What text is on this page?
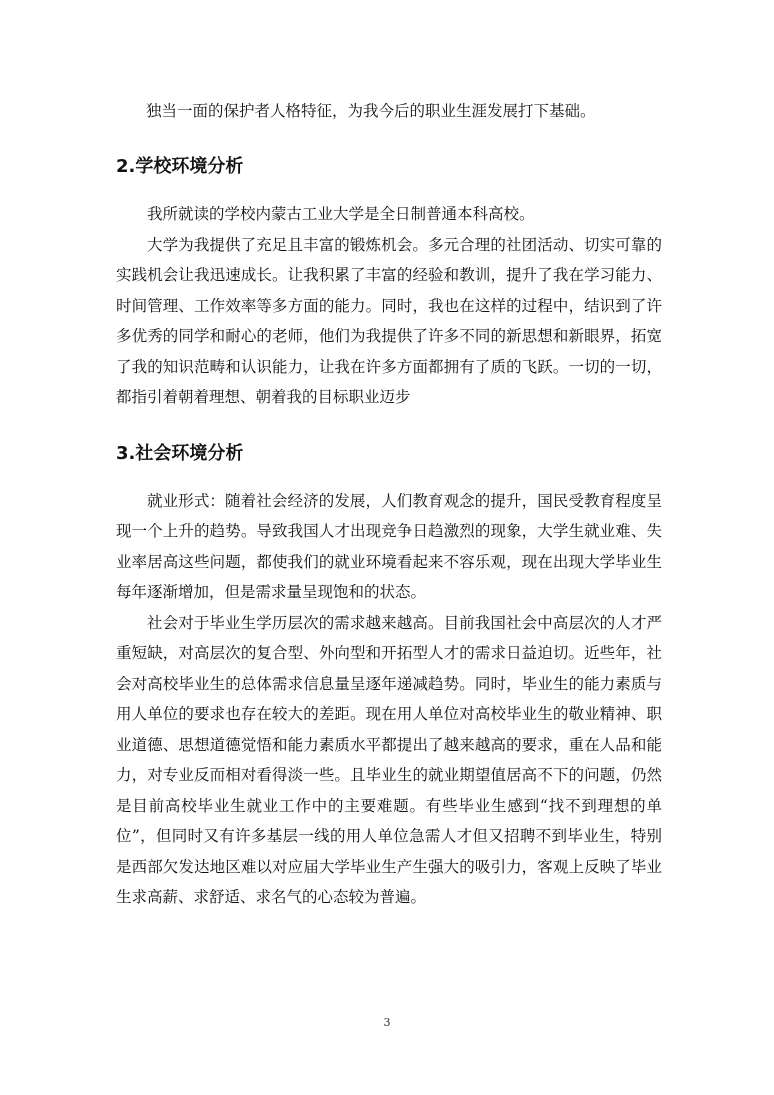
独当一面的保护者人格特征，为我今后的职业生涯发展打下基础。

2.学校环境分析

我所就读的学校内蒙古工业大学是全日制普通本科高校。

大学为我提供了充足且丰富的锻炼机会。多元合理的社团活动、切实可靠的实践机会让我迅速成长。让我积累了丰富的经验和教训，提升了我在学习能力、时间管理、工作效率等多方面的能力。同时，我也在这样的过程中，结识到了许多优秀的同学和耐心的老师，他们为我提供了许多不同的新思想和新眼界，拓宽了我的知识范畴和认识能力，让我在许多方面都拥有了质的飞跃。一切的一切，都指引着朝着理想、朝着我的目标职业迈步

3.社会环境分析

就业形式：随着社会经济的发展，人们教育观念的提升，国民受教育程度呈现一个上升的趋势。导致我国人才出现竞争日趋激烈的现象，大学生就业难、失业率居高这些问题，都使我们的就业环境看起来不容乐观，现在出现大学毕业生每年逐渐增加，但是需求量呈现饱和的状态。

社会对于毕业生学历层次的需求越来越高。目前我国社会中高层次的人才严重短缺，对高层次的复合型、外向型和开拓型人才的需求日益迫切。近些年，社会对高校毕业生的总体需求信息量呈逐年递减趋势。同时，毕业生的能力素质与用人单位的要求也存在较大的差距。现在用人单位对高校毕业生的敬业精神、职业道德、思想道德觉悟和能力素质水平都提出了越来越高的要求，重在人品和能力，对专业反而相对看得淡一些。且毕业生的就业期望值居高不下的问题，仍然是目前高校毕业生就业工作中的主要难题。有些毕业生感到“找不到理想的单位”，但同时又有许多基层一线的用人单位急需人才但又招聘不到毕业生，特别是西部欠发达地区难以对应届大学毕业生产生强大的吸引力，客观上反映了毕业生求高薪、求舒适、求名气的心态较为普遍。

3
